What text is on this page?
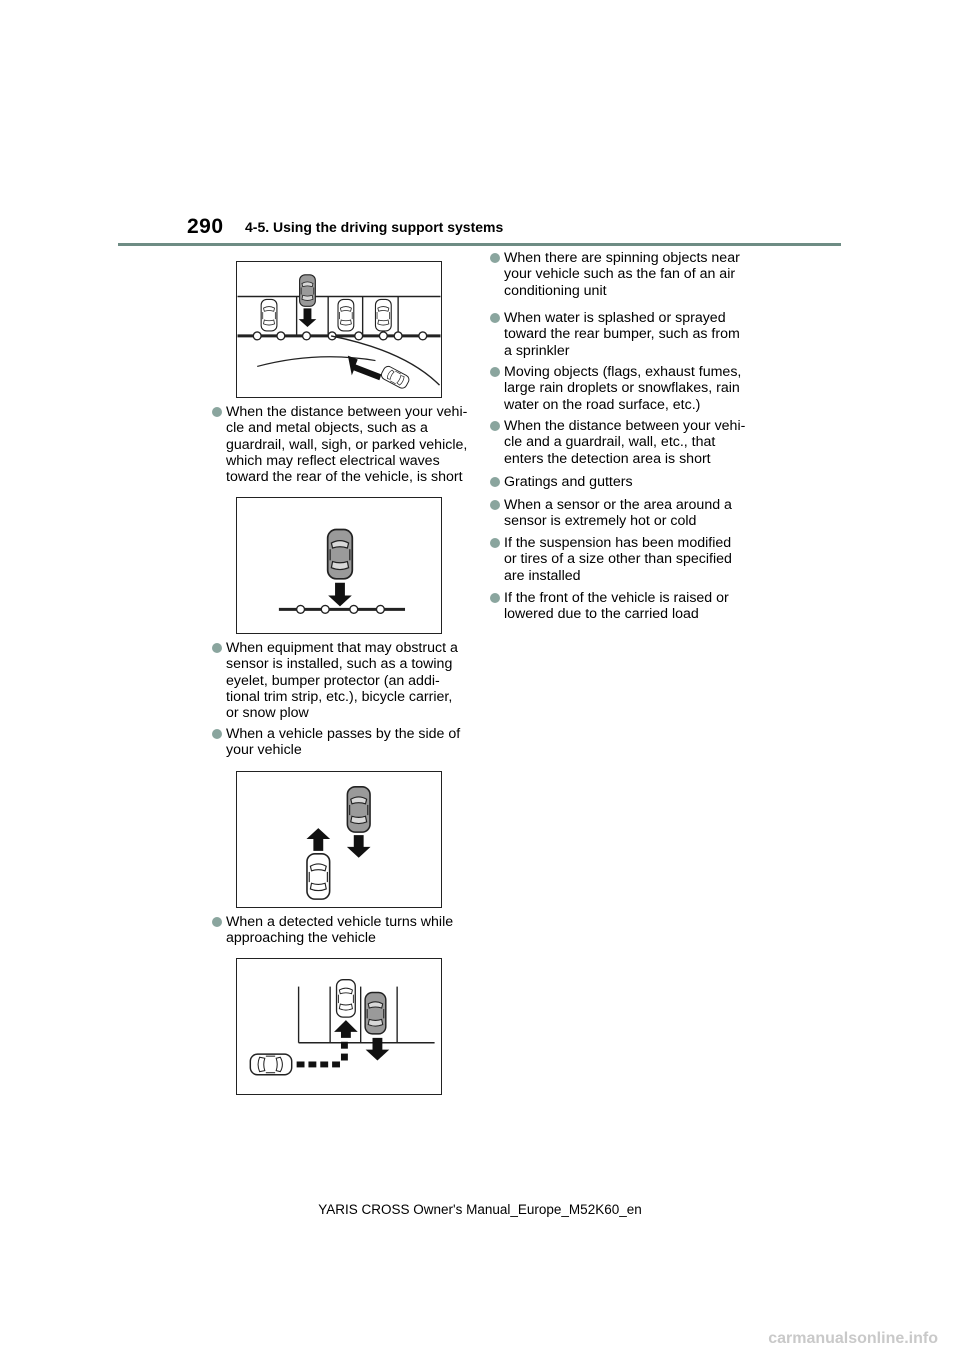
290 4-5. Using the driving support systems
When the distance between your vehi-
cle and metal objects, such as a
guardrail, wall, sigh, or parked vehicle,
which may reflect electrical waves
toward the rear of the vehicle, is short
When equipment that may obstruct a
sensor is installed, such as a towing
eyelet, bumper protector (an addi-
tional trim strip, etc.), bicycle carrier,
or snow plow
When a vehicle passes by the side of
your vehicle
When a detected vehicle turns while
approaching the vehicle
When there are spinning objects near
your vehicle such as the fan of an air
conditioning unit
When water is splashed or sprayed
toward the rear bumper, such as from
a sprinkler
Moving objects (flags, exhaust fumes,
large rain droplets or snowflakes, rain
water on the road surface, etc.)
When the distance between your vehi-
cle and a guardrail, wall, etc., that
enters the detection area is short
Gratings and gutters
When a sensor or the area around a
sensor is extremely hot or cold
If the suspension has been modified
or tires of a size other than specified
are installed
If the front of the vehicle is raised or
lowered due to the carried load
YARIS CROSS Owner's Manual_Europe_M52K60_en
carmanualsonline.info
